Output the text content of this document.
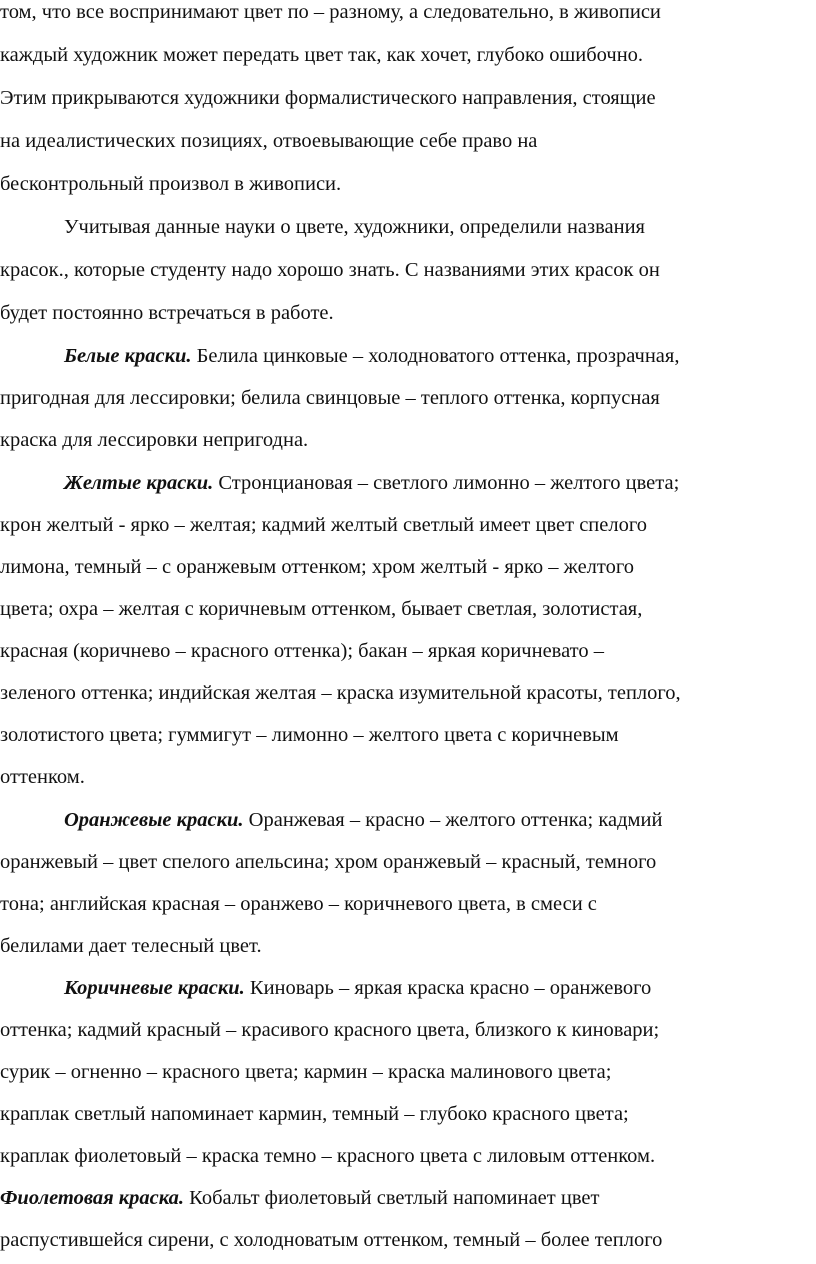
том, что все воспринимают цвет по – разному, а следовательно, в живописи
каждый художник может передать цвет так, как хочет, глубоко ошибочно.
Этим прикрываются художники формалистического направления, стоящие
на идеалистических позициях, отвоевывающие себе право на
бесконтрольный произвол в живописи.
Учитывая данные науки о цвете, художники, определили названия
красок., которые студенту надо хорошо знать. С названиями этих красок он
будет постоянно встречаться в работе.
Белые краски. Белила цинковые – холодноватого оттенка, прозрачная,
пригодная для лессировки; белила свинцовые – теплого оттенка, корпусная
краска для лессировки непригодна.
Желтые краски. Стронциановая – светлого лимонно – желтого цвета;
крон желтый - ярко – желтая; кадмий желтый светлый имеет цвет спелого
лимона, темный – с оранжевым оттенком; хром желтый - ярко – желтого
цвета; охра – желтая с коричневым оттенком, бывает светлая, золотистая,
красная (коричнево – красного оттенка); бакан – яркая коричневато –
зеленого оттенка; индийская желтая – краска изумительной красоты, теплого,
золотистого цвета; гуммигут – лимонно – желтого цвета с коричневым
оттенком.
Оранжевые краски. Оранжевая – красно – желтого оттенка; кадмий
оранжевый – цвет спелого апельсина; хром оранжевый – красный, темного
тона; английская красная – оранжево – коричневого цвета, в смеси с
белилами дает телесный цвет.
Коричневые краски. Киноварь – яркая краска красно – оранжевого
оттенка; кадмий красный – красивого красного цвета, близкого к киновари;
сурик – огненно – красного цвета; кармин – краска малинового цвета;
краплак светлый напоминает кармин, темный – глубоко красного цвета;
краплак фиолетовый – краска темно – красного цвета с лиловым оттенком.
Фиолетовая краска. Кобальт фиолетовый светлый напоминает цвет
распустившейся сирени, с холодноватым оттенком, темный – более теплого
